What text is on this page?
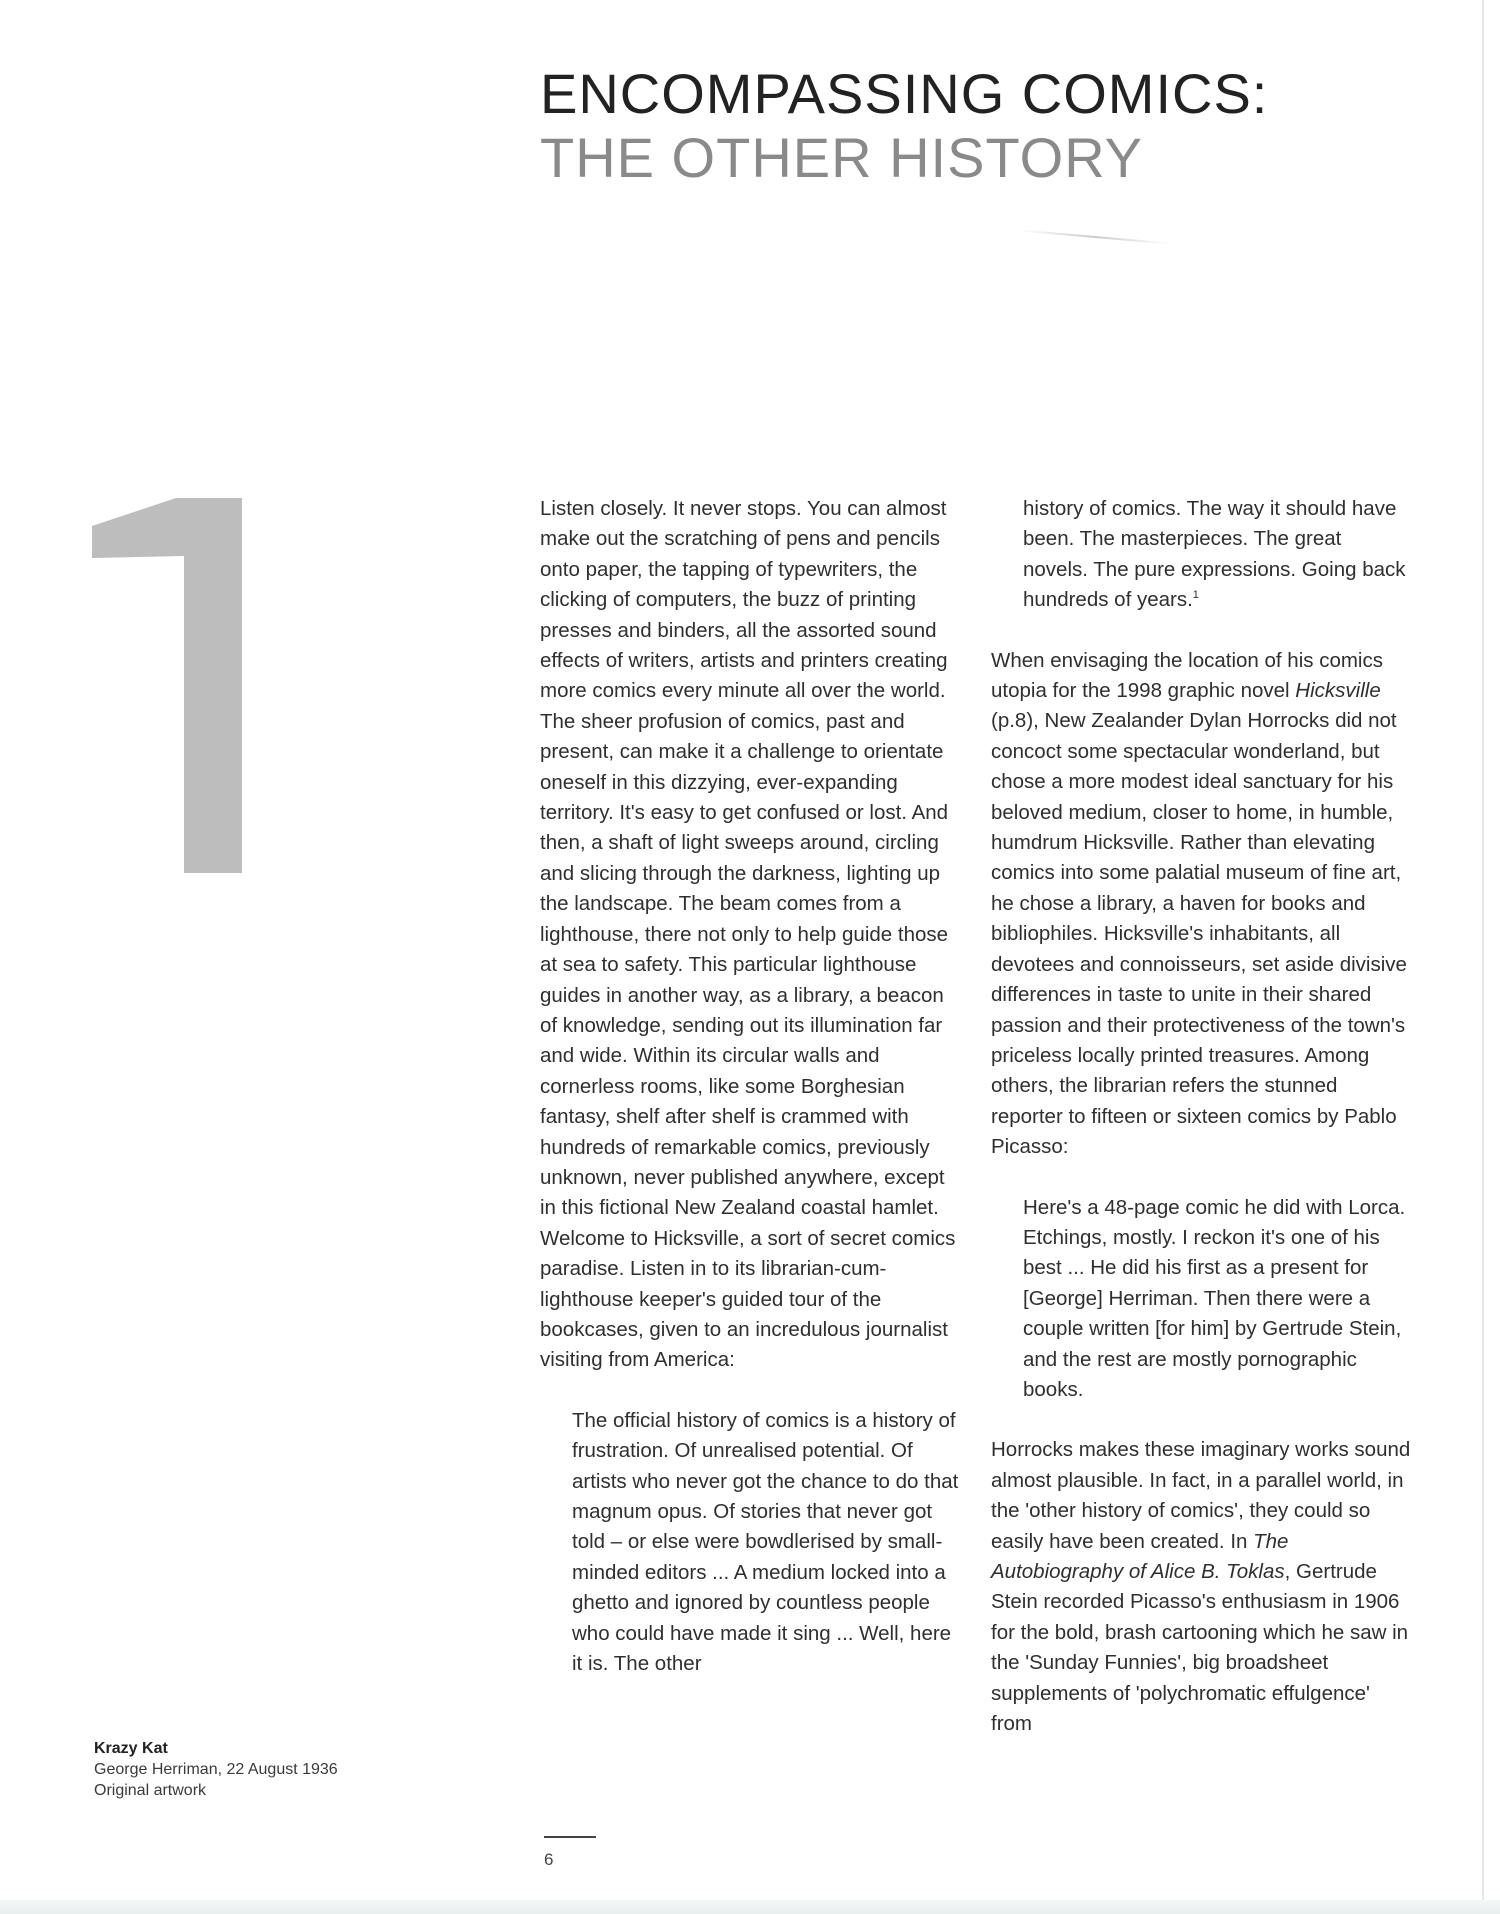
ENCOMPASSING COMICS:
THE OTHER HISTORY
1	Listen closely. It never stops. You can almost make out the scratching of pens and pencils onto paper, the tapping of typewriters, the clicking of computers, the buzz of printing presses and binders, all the assorted sound effects of writers, artists and printers creating more comics every minute all over the world. The sheer profusion of comics, past and present, can make it a challenge to orientate oneself in this dizzying, ever-expanding territory. It's easy to get confused or lost. And then, a shaft of light sweeps around, circling and slicing through the darkness, lighting up the landscape. The beam comes from a lighthouse, there not only to help guide those at sea to safety. This particular lighthouse guides in another way, as a library, a beacon of knowledge, sending out its illumination far and wide. Within its circular walls and cornerless rooms, like some Borghesian fantasy, shelf after shelf is crammed with hundreds of remarkable comics, previously unknown, never published anywhere, except in this fictional New Zealand coastal hamlet. Welcome to Hicksville, a sort of secret comics paradise. Listen in to its librarian-cum-lighthouse keeper's guided tour of the bookcases, given to an incredulous journalist visiting from America:

The official history of comics is a history of frustration. Of unrealised potential. Of artists who never got the chance to do that magnum opus. Of stories that never got told – or else were bowdlerised by small-minded editors ... A medium locked into a ghetto and ignored by countless people who could have made it sing ... Well, here it is. The other

history of comics. The way it should have been. The masterpieces. The great novels. The pure expressions. Going back hundreds of years.$^1$

When envisaging the location of his comics utopia for the 1998 graphic novel Hicksville (p.8), New Zealander Dylan Horrocks did not concoct some spectacular wonderland, but chose a more modest ideal sanctuary for his beloved medium, closer to home, in humble, humdrum Hicksville. Rather than elevating comics into some palatial museum of fine art, he chose a library, a haven for books and bibliophiles. Hicksville's inhabitants, all devotees and connoisseurs, set aside divisive differences in taste to unite in their shared passion and their protectiveness of the town's priceless locally printed treasures. Among others, the librarian refers the stunned reporter to fifteen or sixteen comics by Pablo Picasso:

Here's a 48-page comic he did with Lorca. Etchings, mostly. I reckon it's one of his best ... He did his first as a present for [George] Herriman. Then there were a couple written [for him] by Gertrude Stein, and the rest are mostly pornographic books.

Horrocks makes these imaginary works sound almost plausible. In fact, in a parallel world, in the 'other history of comics', they could so easily have been created. In The Autobiography of Alice B. Toklas, Gertrude Stein recorded Picasso's enthusiasm in 1906 for the bold, brash cartooning which he saw in the 'Sunday Funnies', big broadsheet supplements of 'polychromatic effulgence' from

Krazy Kat
George Herriman, 22 August 1936
Original artwork
6
